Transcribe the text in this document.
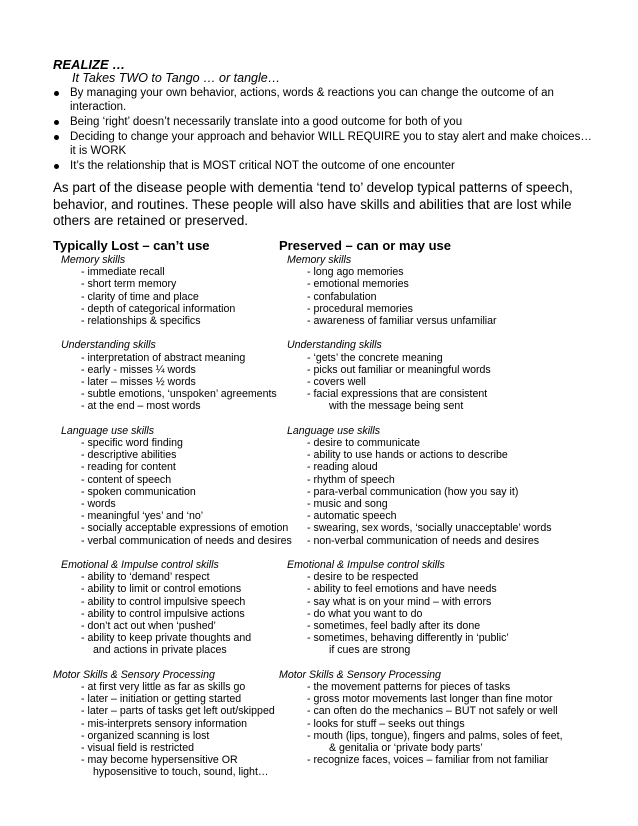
REALIZE …
It Takes TWO to Tango … or tangle…
By managing your own behavior, actions, words & reactions you can change the outcome of an interaction.
Being ‘right’ doesn’t necessarily translate into a good outcome for both of you
Deciding to change your approach and behavior WILL REQUIRE you to stay alert and make choices… it is WORK
It’s the relationship that is MOST critical NOT the outcome of one encounter
As part of the disease people with dementia ‘tend to’ develop typical patterns of speech, behavior, and routines. These people will also have skills and abilities that are lost while others are retained or preserved.
Typically Lost – can’t use
Memory skills
- immediate recall
- short term memory
- clarity of time and place
- depth of categorical information
- relationships & specifics
Understanding skills
- interpretation of abstract meaning
- early - misses ¼ words
- later – misses ½ words
- subtle emotions, ‘unspoken’ agreements
- at the end – most words
Language use skills
- specific word finding
- descriptive abilities
- reading for content
- content of speech
- spoken communication
- words
- meaningful ‘yes’ and ‘no’
- socially acceptable expressions of emotion
- verbal communication of needs and desires
Emotional & Impulse control skills
- ability to ‘demand’ respect
- ability to limit or control emotions
- ability to control impulsive speech
- ability to control impulsive actions
- don’t act out when ‘pushed’
- ability to keep private thoughts and
and actions in private places
Motor Skills & Sensory Processing
- at first very little as far as skills go
- later – initiation or getting started
- later – parts of tasks get left out/skipped
- mis-interprets sensory information
- organized scanning is lost
- visual field is restricted
- may become hypersensitive OR
hyposensitive to touch, sound, light…
Preserved – can or may use
Memory skills
- long ago memories
- emotional memories
- confabulation
- procedural memories
- awareness of familiar versus unfamiliar
Understanding skills
- ‘gets’ the concrete meaning
- picks out familiar or meaningful words
- covers well
- facial expressions that are consistent
with the message being sent
Language use skills
- desire to communicate
- ability to use hands or actions to describe
- reading aloud
- rhythm of speech
- para-verbal communication (how you say it)
- music and song
- automatic speech
- swearing, sex words, ‘socially unacceptable’ words
- non-verbal communication of needs and desires
Emotional & Impulse control skills
- desire to be respected
- ability to feel emotions and have needs
- say what is on your mind – with errors
- do what you want to do
- sometimes, feel badly after its done
- sometimes, behaving differently in ‘public’
if cues are strong
Motor Skills & Sensory Processing
- the movement patterns for pieces of tasks
- gross motor movements last longer than fine motor
- can often do the mechanics – BUT not safely or well
- looks for stuff – seeks out things
- mouth (lips, tongue), fingers and palms, soles of feet,
& genitalia or ‘private body parts’
- recognize faces, voices – familiar from not familiar
